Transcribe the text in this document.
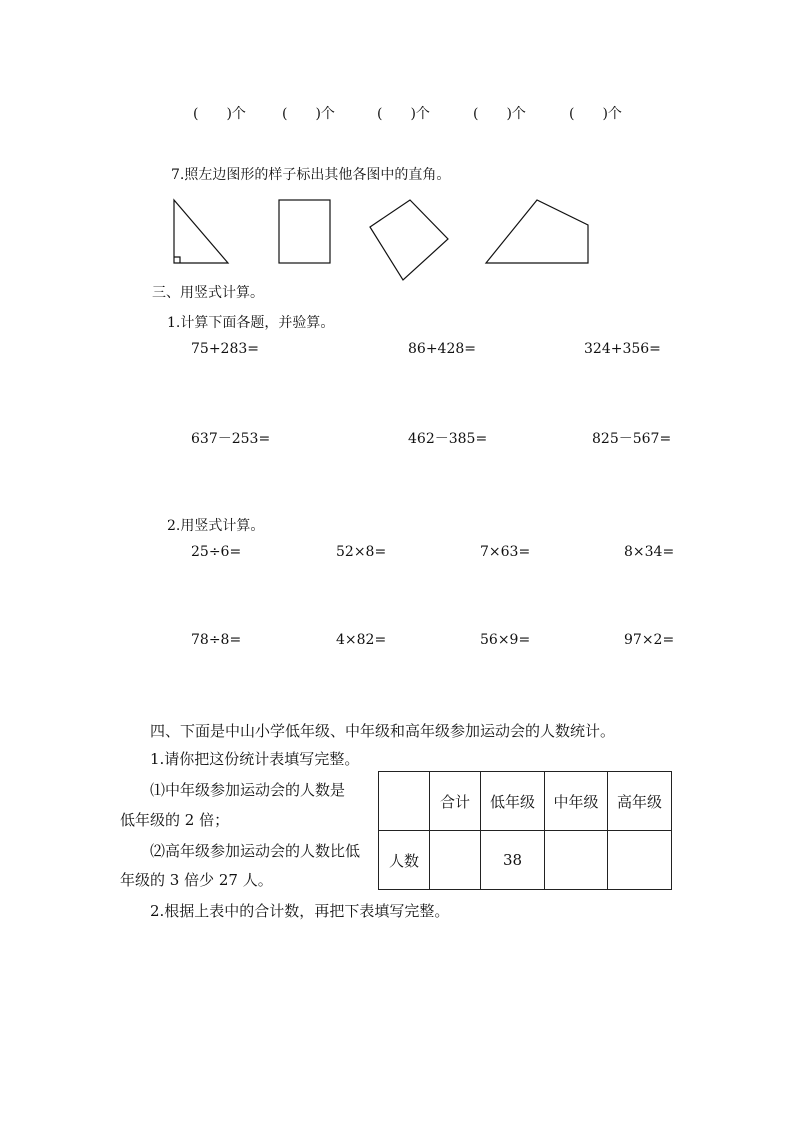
(　　)个	(　　)个	(　　)个	(　　)个	(　　)个
7.照左边图形的样子标出其他各图中的直角。
三、用竖式计算。
1.计算下面各题，并验算。
75+283=	86+428=	324+356=
637－253=	462－385=	825－567=
2.用竖式计算。
25÷6=	52×8=	7×63=	8×34=
78÷8=	4×82=	56×9=	97×2=
四、下面是中山小学低年级、中年级和高年级参加运动会的人数统计。
1.请你把这份统计表填写完整。
⑴中年级参加运动会的人数是
低年级的 2 倍；
⑵高年级参加运动会的人数比低
年级的 3 倍少 27 人。
	合计	低年级	中年级	高年级
人数		38		
2.根据上表中的合计数，再把下表填写完整。
